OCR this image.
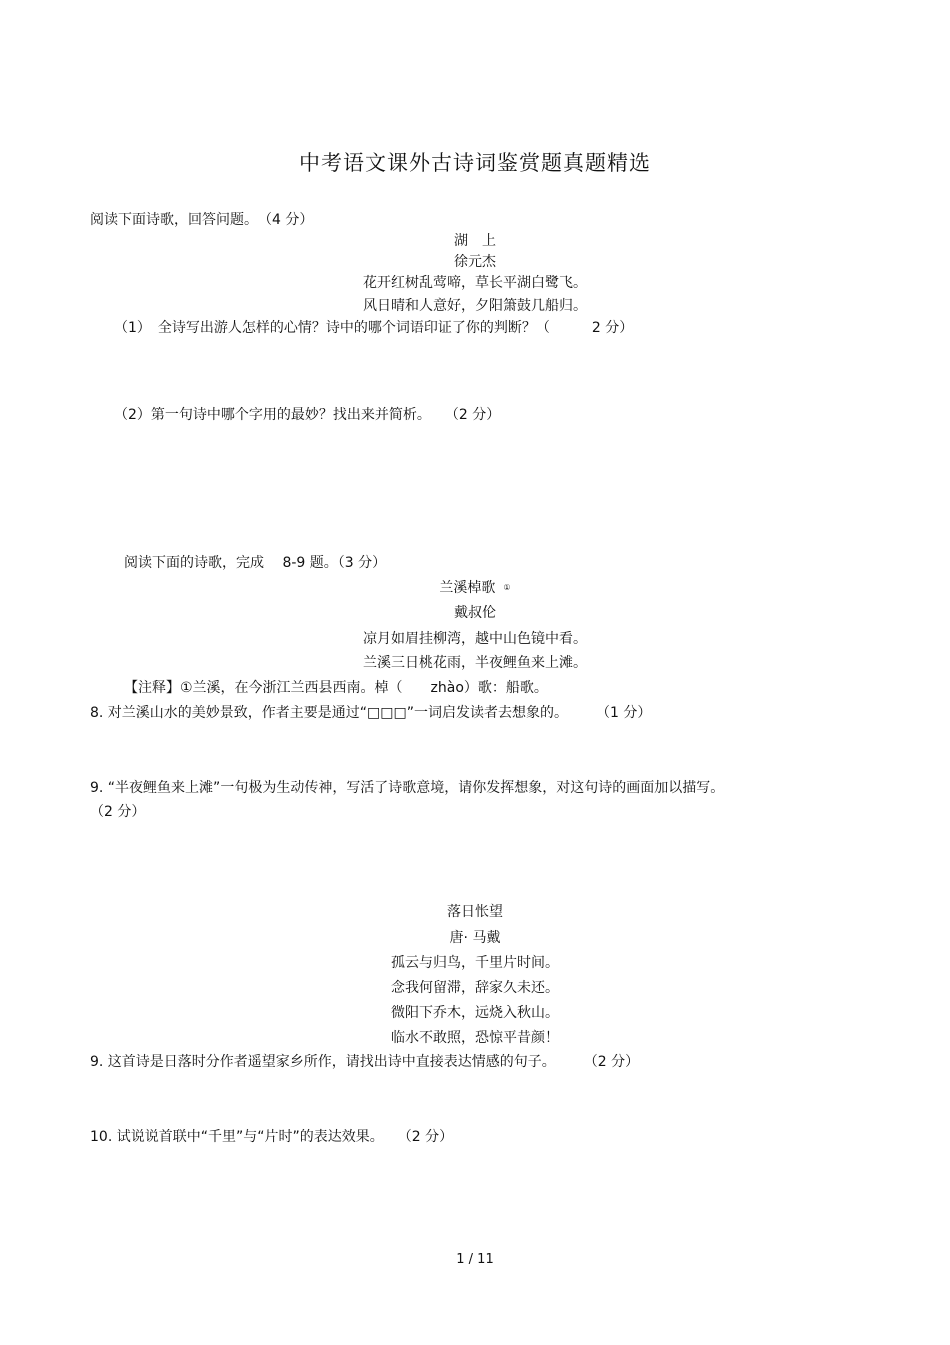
中考语文课外古诗词鉴赏题真题精选
阅读下面诗歌，回答问题。　（4 分）
湖　上
徐元杰
花开红树乱莺啼，草长平湖白鹭飞。
风日晴和人意好，夕阳箫鼓几船归。
（1）　全诗写出游人怎样的心情？诗中的哪个词语印证了你的判断？（　　　2 分）
（2）第一句诗中哪个字用的最妙？找出来并简析。　　（2 分）
阅读下面的诗歌，完成　 8-9 题。（3 分）
兰溪棹歌 ①
戴叔伦
凉月如眉挂柳湾，越中山色镜中看。
兰溪三日桃花雨，半夜鲤鱼来上滩。
【注释】①兰溪，在今浙江兰西县西南。棹（　　zhào）歌：船歌。
8. 对兰溪山水的美妙景致，作者主要是通过“□□□”一词启发读者去想象的。　　　（1 分）
9. “半夜鲤鱼来上滩”一句极为生动传神，写活了诗歌意境，请你发挥想象，对这句诗的画面加以描写。
（2 分）
落日怅望
唐· 马戴
孤云与归鸟，千里片时间。
念我何留滞，辞家久未还。
微阳下乔木，远烧入秋山。
临水不敢照，恐惊平昔颜！
9. 这首诗是日落时分作者遥望家乡所作，请找出诗中直接表达情感的句子。　　　（2 分）
10. 试说说首联中“千里”与“片时”的表达效果。　　（2 分）
1 / 11
